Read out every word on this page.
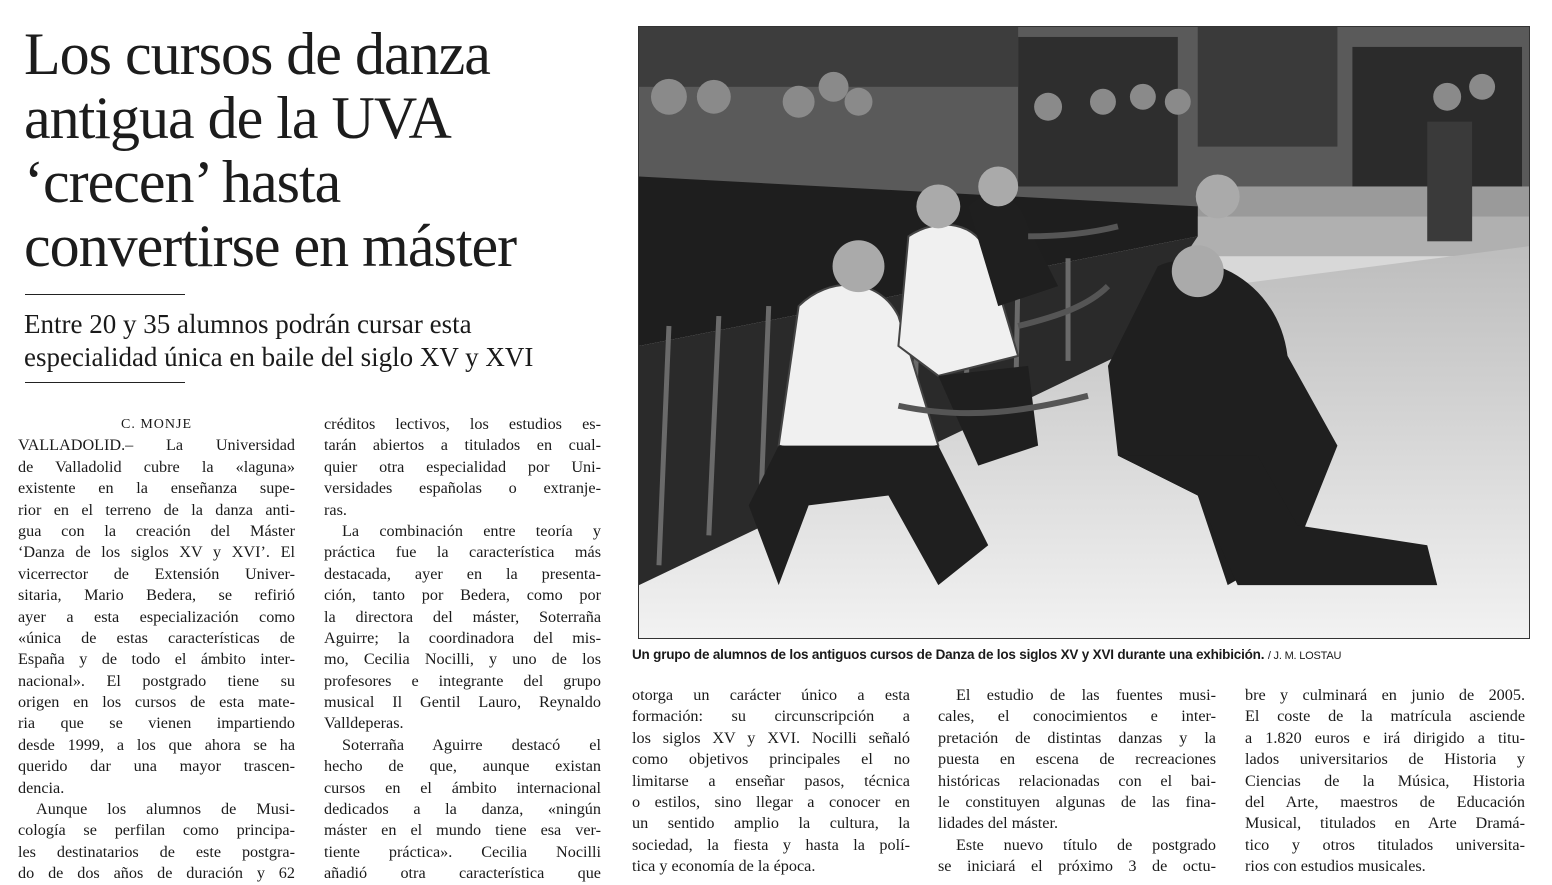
Los cursos de danza
antigua de la UVA
‘crecen’ hasta
convertirse en máster
Entre 20 y 35 alumnos podrán cursar esta
especialidad única en baile del siglo XV y XVI
C. MONJE
VALLADOLID.– La Universidad
de Valladolid cubre la «laguna»
existente en la enseñanza supe-
rior en el terreno de la danza anti-
gua con la creación del Máster
‘Danza de los siglos XV y XVI’. El
vicerrector de Extensión Univer-
sitaria, Mario Bedera, se refirió
ayer a esta especialización como
«única de estas características de
España y de todo el ámbito inter-
nacional». El postgrado tiene su
origen en los cursos de esta mate-
ria que se vienen impartiendo
desde 1999, a los que ahora se ha
querido dar una mayor trascen-
dencia.
Aunque los alumnos de Musi-
cología se perfilan como principa-
les destinatarios de este postgra-
do de dos años de duración y 62
créditos lectivos, los estudios es-
tarán abiertos a titulados en cual-
quier otra especialidad por Uni-
versidades españolas o extranje-
ras.
La combinación entre teoría y
práctica fue la característica más
destacada, ayer en la presenta-
ción, tanto por Bedera, como por
la directora del máster, Soterraña
Aguirre; la coordinadora del mis-
mo, Cecilia Nocilli, y uno de los
profesores e integrante del grupo
musical Il Gentil Lauro, Reynaldo
Valldeperas.
Soterraña Aguirre destacó el
hecho de que, aunque existan
cursos en el ámbito internacional
dedicados a la danza, «ningún
máster en el mundo tiene esa ver-
tiente práctica». Cecilia Nocilli
añadió otra característica que
Un grupo de alumnos de los antiguos cursos de Danza de los siglos XV y XVI durante una exhibición. / J. M. LOSTAU
otorga un carácter único a esta
formación: su circunscripción a
los siglos XV y XVI. Nocilli señaló
como objetivos principales el no
limitarse a enseñar pasos, técnica
o estilos, sino llegar a conocer en
un sentido amplio la cultura, la
sociedad, la fiesta y hasta la polí-
tica y economía de la época.
El estudio de las fuentes musi-
cales, el conocimientos e inter-
pretación de distintas danzas y la
puesta en escena de recreaciones
históricas relacionadas con el bai-
le constituyen algunas de las fina-
lidades del máster.
Este nuevo título de postgrado
se iniciará el próximo 3 de octu-
bre y culminará en junio de 2005.
El coste de la matrícula asciende
a 1.820 euros e irá dirigido a titu-
lados universitarios de Historia y
Ciencias de la Música, Historia
del Arte, maestros de Educación
Musical, titulados en Arte Dramá-
tico y otros titulados universita-
rios con estudios musicales.
